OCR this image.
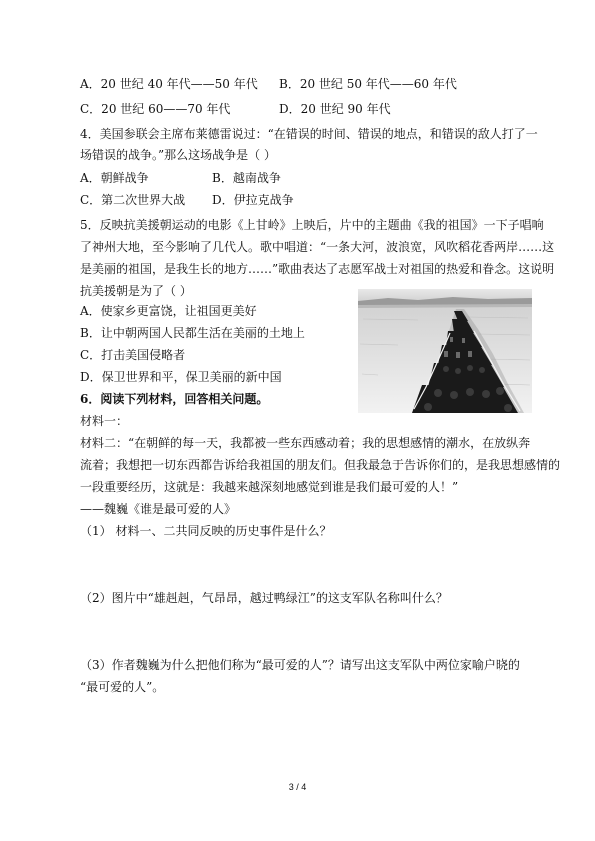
A．20 世纪 40 年代——50 年代 B．20 世纪 50 年代——60 年代
C．20 世纪 60——70 年代	D．20 世纪 90 年代
4．美国参联会主席布莱德雷说过：“在错误的时间、错误的地点，和错误的敌人打了一
场错误的战争。”那么这场战争是（ ）
A．朝鲜战争	B．越南战争
C．第二次世界大战 D．伊拉克战争
5．反映抗美援朝运动的电影《上甘岭》上映后，片中的主题曲《我的祖国》一下子唱响
了神州大地，至今影响了几代人。歌中唱道：“一条大河，波浪宽，风吹稻花香两岸……这
是美丽的祖国，是我生长的地方……”歌曲表达了志愿军战士对祖国的热爱和眷念。这说明
抗美援朝是为了（ ）
A．使家乡更富饶，让祖国更美好
B．让中朝两国人民都生活在美丽的土地上
C．打击美国侵略者
D．保卫世界和平，保卫美丽的新中国
6．阅读下列材料，回答相关问题。
材料一：
材料二：“在朝鲜的每一天，我都被一些东西感动着；我的思想感情的潮水，在放纵奔
流着；我想把一切东西都告诉给我祖国的朋友们。但我最急于告诉你们的，是我思想感情的
一段重要经历，这就是：我越来越深刻地感觉到谁是我们最可爱的人！”
——魏巍《谁是最可爱的人》
（1） 材料一、二共同反映的历史事件是什么？
（2）图片中“雄赳赳，气昂昂，越过鸭绿江”的这支军队名称叫什么？
（3）作者魏巍为什么把他们称为“最可爱的人”？请写出这支军队中两位家喻户晓的
“最可爱的人”。
3 / 4
